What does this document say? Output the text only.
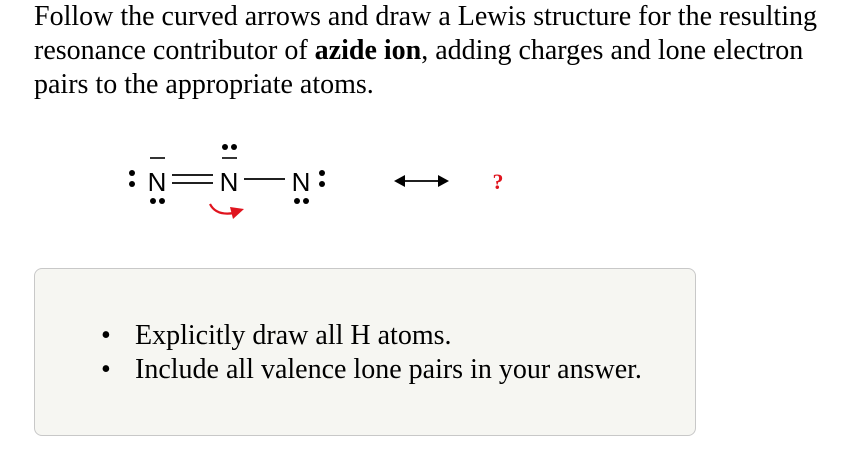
Follow the curved arrows and draw a Lewis structure for the resulting resonance contributor of azide ion, adding charges and lone electron pairs to the appropriate atoms.

N N N	?
• Explicitly draw all H atoms.
• Include all valence lone pairs in your answer.
